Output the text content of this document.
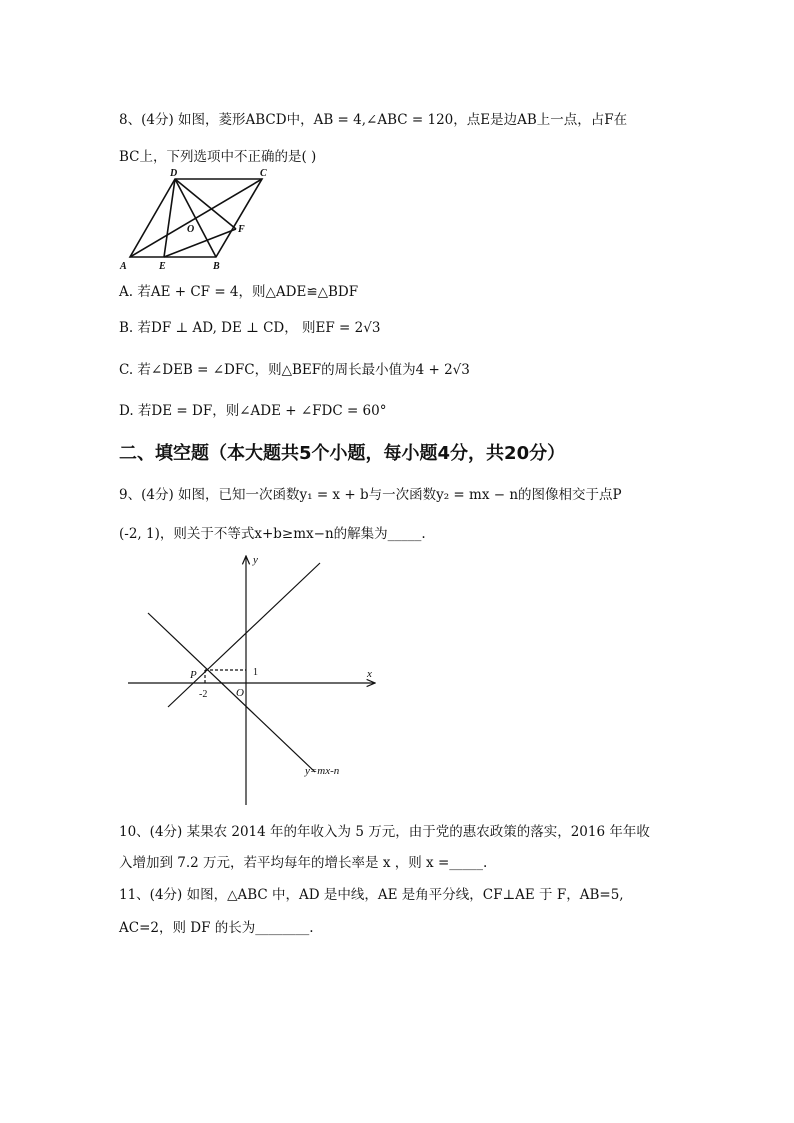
8、(4分) 如图，菱形ABCD中，AB = 4,∠ABC = 120，点E是边AB上一点，占F在
BC上，下列选项中不正确的是( )
D	C
O	F
A	E	B
A. 若AE + CF = 4，则△ADE≌△BDF
B. 若DF ⊥ AD, DE ⊥ CD， 则EF = 2√3
C. 若∠DEB = ∠DFC，则△BEF的周长最小值为4 + 2√3
D. 若DE = DF，则∠ADE + ∠FDC = 60°
二、填空题（本大题共5个小题，每小题4分，共20分）
9、(4分) 如图，已知一次函数y₁ = x + b与一次函数y₂ = mx − n的图像相交于点P
(-2, 1)，则关于不等式x+b≥mx−n的解集为_____.
y
x
P
O
y=mx-n
1
-2
10、(4分) 某果农 2014 年的年收入为 5 万元，由于党的惠农政策的落实，2016 年年收
入增加到 7.2 万元，若平均每年的增长率是 x ，则 x =_____.
11、(4分) 如图，△ABC 中，AD 是中线，AE 是角平分线，CF⊥AE 于 F，AB=5,
AC=2，则 DF 的长为________.
